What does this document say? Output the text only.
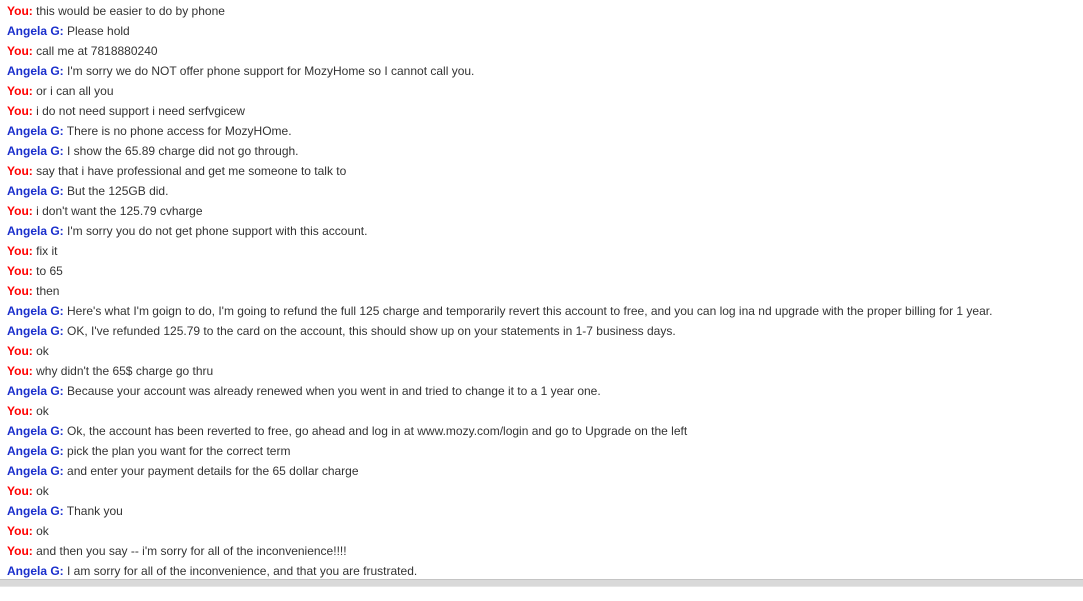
You: this would be easier to do by phone
Angela G: Please hold
You: call me at 7818880240
Angela G: I'm sorry we do NOT offer phone support for MozyHome so I cannot call you.
You: or i can all you
You: i do not need support i need serfvgicew
Angela G: There is no phone access for MozyHOme.
Angela G: I show the 65.89 charge did not go through.
You: say that i have professional and get me someone to talk to
Angela G: But the 125GB did.
You: i don't want the 125.79 cvharge
Angela G: I'm sorry you do not get phone support with this account.
You: fix it
You: to 65
You: then
Angela G: Here's what I'm goign to do, I'm going to refund the full 125 charge and temporarily revert this account to free, and you can log ina nd upgrade with the proper billing for 1 year.
Angela G: OK, I've refunded 125.79 to the card on the account, this should show up on your statements in 1-7 business days.
You: ok
You: why didn't the 65$ charge go thru
Angela G: Because your account was already renewed when you went in and tried to change it to a 1 year one.
You: ok
Angela G: Ok, the account has been reverted to free, go ahead and log in at www.mozy.com/login and go to Upgrade on the left
Angela G: pick the plan you want for the correct term
Angela G: and enter your payment details for the 65 dollar charge
You: ok
Angela G: Thank you
You: ok
You: and then you say -- i'm sorry for all of the inconvenience!!!!
Angela G: I am sorry for all of the inconvenience, and that you are frustrated.
